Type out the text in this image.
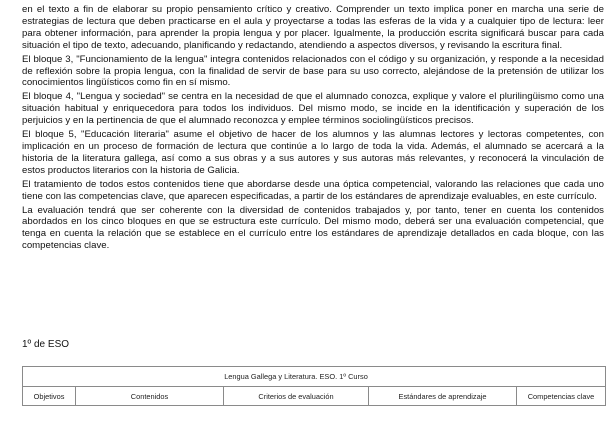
en el texto a fin de elaborar su propio pensamiento crítico y creativo. Comprender un texto implica poner en marcha una serie de estrategias de lectura que deben practicarse en el aula y proyectarse a todas las esferas de la vida y a cualquier tipo de lectura: leer para obtener información, para aprender la propia lengua y por placer. Igualmente, la producción escrita significará buscar para cada situación el tipo de texto, adecuando, planificando y redactando, atendiendo a aspectos diversos, y revisando la escritura final.

El bloque 3, "Funcionamiento de la lengua" integra contenidos relacionados con el código y su organización, y responde a la necesidad de reflexión sobre la propia lengua, con la finalidad de servir de base para su uso correcto, alejándose de la pretensión de utilizar los conocimientos lingüísticos como fin en sí mismo.

El bloque 4, "Lengua y sociedad" se centra en la necesidad de que el alumnado conozca, explique y valore el plurilingüismo como una situación habitual y enriquecedora para todos los individuos. Del mismo modo, se incide en la identificación y superación de los perjuicios y en la pertinencia de que el alumnado reconozca y emplee términos sociolingüísticos precisos.

El bloque 5, "Educación literaria" asume el objetivo de hacer de los alumnos y las alumnas lectores y lectoras competentes, con implicación en un proceso de formación de lectura que continúe a lo largo de toda la vida. Además, el alumnado se acercará a la historia de la literatura gallega, así como a sus obras y a sus autores y sus autoras más relevantes, y reconocerá la vinculación de estos productos literarios con la historia de Galicia.

El tratamiento de todos estos contenidos tiene que abordarse desde una óptica competencial, valorando las relaciones que cada uno tiene con las competencias clave, que aparecen especificadas, a partir de los estándares de aprendizaje evaluables, en este currículo.

La evaluación tendrá que ser coherente con la diversidad de contenidos trabajados y, por tanto, tener en cuenta los contenidos abordados en los cinco bloques en que se estructura este currículo. Del mismo modo, deberá ser una evaluación competencial, que tenga en cuenta la relación que se establece en el currículo entre los estándares de aprendizaje detallados en cada bloque, con las competencias clave.

1º de ESO

	Lengua Gallega y Literatura. ESO. 1º Curso			
Objetivos	Contenidos	Criterios de evaluación	Estándares de aprendizaje	Competencias clave
